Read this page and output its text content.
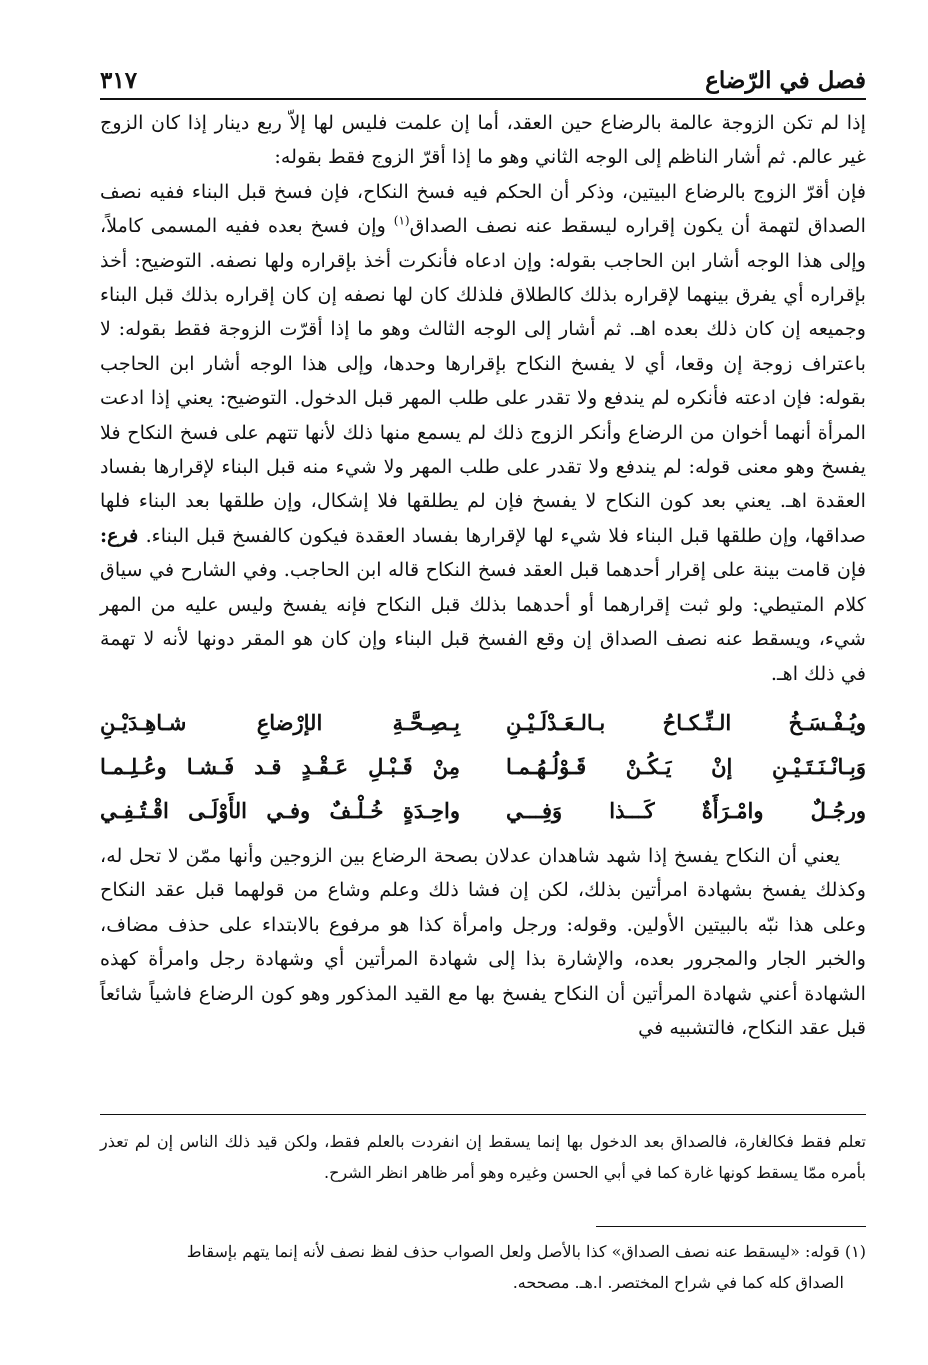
فصل في الرّضاع
٣١٧

إذا لم تكن الزوجة عالمة بالرضاع حين العقد، أما إن علمت فليس لها إلاّ ربع دينار إذا كان الزوج غير عالم. ثم أشار الناظم إلى الوجه الثاني وهو ما إذا أقرّ الزوج فقط بقوله:

فإن أقرّ الزوج بالرضاع البيتين، وذكر أن الحكم فيه فسخ النكاح، فإن فسخ قبل البناء ففيه نصف الصداق لتهمة أن يكون إقراره ليسقط عنه نصف الصداق$^{(١)}$ وإن فسخ بعده ففيه المسمى كاملاً، وإلى هذا الوجه أشار ابن الحاجب بقوله: وإن ادعاه فأنكرت أخذ بإقراره ولها نصفه. التوضيح: أخذ بإقراره أي يفرق بينهما لإقراره بذلك كالطلاق فلذلك كان لها نصفه إن كان إقراره بذلك قبل البناء وجميعه إن كان ذلك بعده اهـ. ثم أشار إلى الوجه الثالث وهو ما إذا أقرّت الزوجة فقط بقوله: لا باعتراف زوجة إن وقعا، أي لا يفسخ النكاح بإقرارها وحدها، وإلى هذا الوجه أشار ابن الحاجب بقوله: فإن ادعته فأنكره لم يندفع ولا تقدر على طلب المهر قبل الدخول. التوضيح: يعني إذا ادعت المرأة أنهما أخوان من الرضاع وأنكر الزوج ذلك لم يسمع منها ذلك لأنها تتهم على فسخ النكاح فلا يفسخ وهو معنى قوله: لم يندفع ولا تقدر على طلب المهر ولا شيء منه قبل البناء لإقرارها بفساد العقدة اهـ. يعني بعد كون النكاح لا يفسخ فإن لم يطلقها فلا إشكال، وإن طلقها بعد البناء فلها صداقها، وإن طلقها قبل البناء فلا شيء لها لإقرارها بفساد العقدة فيكون كالفسخ قبل البناء. فرع: فإن قامت بينة على إقرار أحدهما قبل العقد فسخ النكاح قاله ابن الحاجب. وفي الشارح في سياق كلام المتيطي: ولو ثبت إقرارهما أو أحدهما بذلك قبل النكاح فإنه يفسخ وليس عليه من المهر شيء، ويسقط عنه نصف الصداق إن وقع الفسخ قبل البناء وإن كان هو المقر دونها لأنه لا تهمة في ذلك اهـ.

ويُـفْـسَـخُ الـنِّـكـاحُ بـالـعَـدْلَـيْـنِ
بِـصِـحَّـةِ الإرْضاعِ شـاهِـدَيْـنِ
وَبِـانْـنَـتَـيْـنِ إنْ يَـكُـنْ قَـوْلُـهُـمـا
مِنْ قَـبْـلِ عَـقْـدٍ قـد فَـشـا وعُـلِـمـا
ورجُـلٌ وامْـرَأَةٌ كَـــذا وَفِـــي
واحِـدَةٍ خُـلْـفٌ وفـي الأَوْلَـى اقْـتُـفِـي

يعني أن النكاح يفسخ إذا شهد شاهدان عدلان بصحة الرضاع بين الزوجين وأنها ممّن لا تحل له، وكذلك يفسخ بشهادة امرأتين بذلك، لكن إن فشا ذلك وعلم وشاع من قولهما قبل عقد النكاح وعلى هذا نبّه بالبيتين الأولين. وقوله: ورجل وامرأة كذا هو مرفوع بالابتداء على حذف مضاف، والخبر الجار والمجرور بعده، والإشارة بذا إلى شهادة المرأتين أي وشهادة رجل وامرأة كهذه الشهادة أعني شهادة المرأتين أن النكاح يفسخ بها مع القيد المذكور وهو كون الرضاع فاشياً شائعاً قبل عقد النكاح، فالتشبيه في

تعلم فقط فكالغارة، فالصداق بعد الدخول بها إنما يسقط إن انفردت بالعلم فقط، ولكن قيد ذلك الناس إن لم تعذر بأمره ممّا يسقط كونها غارة كما في أبي الحسن وغيره وهو أمر ظاهر انظر الشرح.

(١) قوله: «ليسقط عنه نصف الصداق» كذا بالأصل ولعل الصواب حذف لفظ نصف لأنه إنما يتهم بإسقاط

الصداق كله كما في شراح المختصر. ا.هـ. مصححه.
